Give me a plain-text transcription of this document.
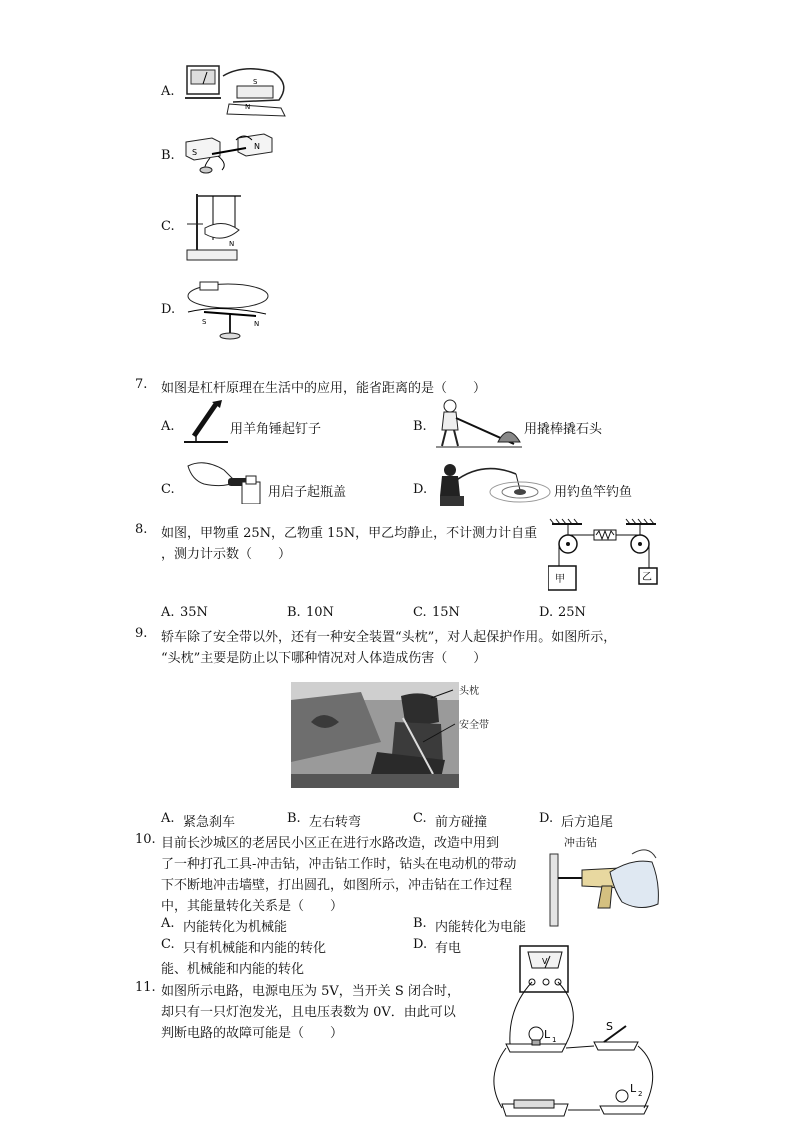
A.
N
S
B. S
N
C.
N
D.
S	N
7. 如图是杠杆原理在生活中的应用，能省距离的是（　　）
A.	用羊角锤起钉子	B.	用撬棒撬石头
C.	用启子起瓶盖	D.	用钓鱼竿钓鱼
8. 如图，甲物重 25N，乙物重 15N，甲乙均静止，不计测力计自重
，测力计示数（　　）
甲	乙
A. 35N	B. 10N	C. 15N	D. 25N
9. 轿车除了安全带以外，还有一种安全装置“头枕”，对人起保护作用。如图所示，
“头枕”主要是防止以下哪种情况对人体造成伤害（　　）
头枕
安全带
A. 紧急刹车	B. 左右转弯	C. 前方碰撞	D. 后方追尾
10. 目前长沙城区的老居民小区正在进行水路改造，改造中用到
了一种打孔工具-冲击钻，冲击钻工作时，钻头在电动机的带动
下不断地冲击墙壁，打出圆孔，如图所示，冲击钻在工作过程
中，其能量转化关系是（　　）
冲击钻
A. 内能转化为机械能	B. 内能转化为电能
C. 只有机械能和内能的转化	D. 有电
能、机械能和内能的转化
11. 如图所示电路，电源电压为 5V，当开关 S 闭合时，
却只有一只灯泡发光，且电压表数为 0V．由此可以
判断电路的故障可能是（　　）
V
L 1
S
L 2
